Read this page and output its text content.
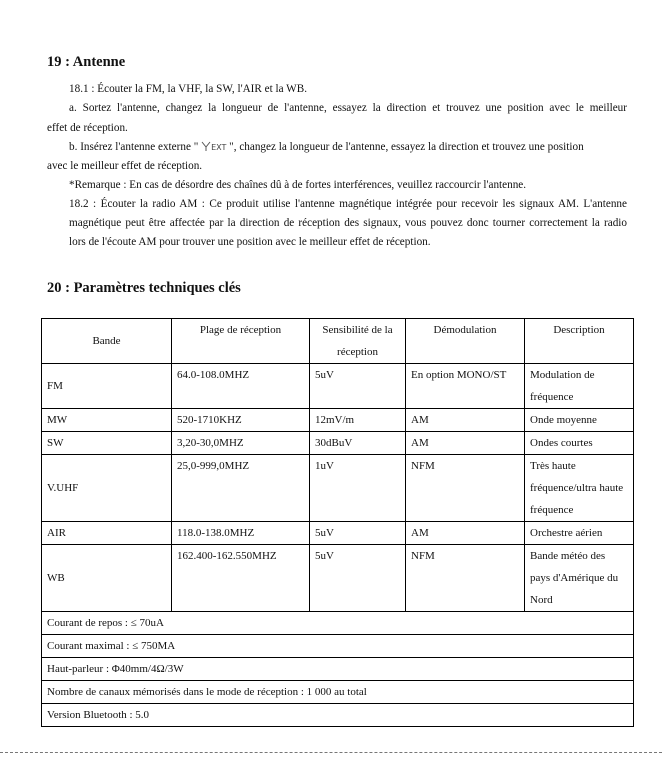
19 : Antenne
18.1 : Écouter la FM, la VHF, la SW, l'AIR et la WB.
a. Sortez l'antenne, changez la longueur de l'antenne, essayez la direction et trouvez une position avec le meilleur
effet de réception.
b. Insérez l'antenne externe " EXT ", changez la longueur de l'antenne, essayez la direction et trouvez une position
avec le meilleur effet de réception.
*Remarque : En cas de désordre des chaînes dû à de fortes interférences, veuillez raccourcir l'antenne.
18.2 : Écouter la radio AM : Ce produit utilise l'antenne magnétique intégrée pour recevoir les signaux AM. L'antenne
magnétique peut être affectée par la direction de réception des signaux, vous pouvez donc tourner correctement la radio
lors de l'écoute AM pour trouver une position avec le meilleur effet de réception.
20 : Paramètres techniques clés
Bande	Plage de réception	Sensibilité de la
réception	Démodulation	Description
FM	64.0-108.0MHZ	5uV	En option MONO/ST	Modulation de
fréquence

MW	520-1710KHZ	12mV/m	AM	Onde moyenne
SW	3,20-30,0MHZ	30dBuV	AM	Ondes courtes
V.UHF	25,0-999,0MHZ	1uV	NFM	Très haute
fréquence/ultra haute
fréquence

AIR	118.0-138.0MHZ	5uV	AM	Orchestre aérien
WB	162.400-162.550MHZ	5uV	NFM	Bande météo des
pays d'Amérique du
Nord

Courant de repos : ≤ 70uA				
Courant maximal : ≤ 750MA				
Haut-parleur : Φ40mm/4Ω/3W				
Nombre de canaux mémorisés dans le mode de réception : 1 000 au total				
Version Bluetooth : 5.0				
